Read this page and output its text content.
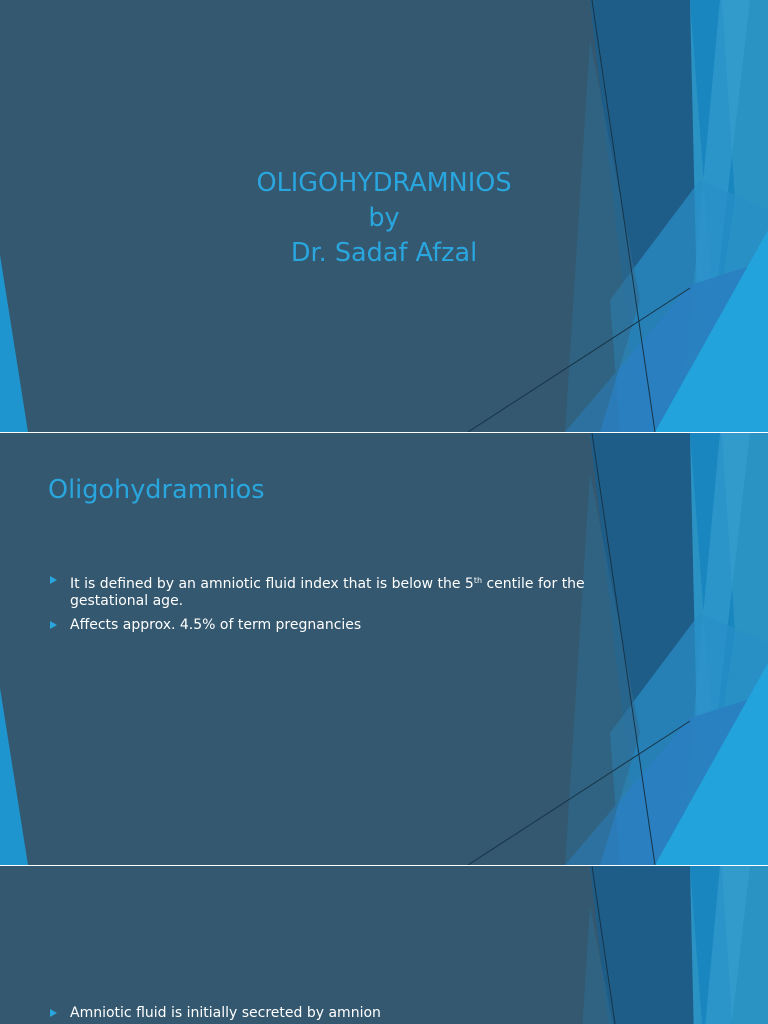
OLIGOHYDRAMNIOS
by
Dr. Sadaf Afzal
Oligohydramnios
It is defined by an amniotic fluid index that is below the 5th centile for the gestational age.
Affects approx. 4.5% of term pregnancies
Amniotic fluid is initially secreted by amnion
